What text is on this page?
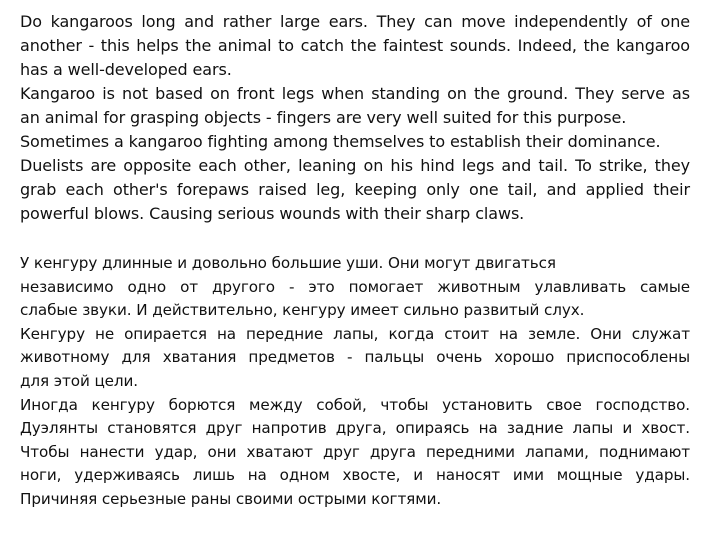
Do kangaroos long and rather large ears. They can move independently of one
another - this helps the animal to catch the faintest sounds. Indeed, the kangaroo
has a well-developed ears.
Kangaroo is not based on front legs when standing on the ground. They serve as
an animal for grasping objects - fingers are very well suited for this purpose.
Sometimes a kangaroo fighting among themselves to establish their dominance.
Duelists are opposite each other, leaning on his hind legs and tail. To strike, they
grab each other's forepaws raised leg, keeping only one tail, and applied their
powerful blows. Causing serious wounds with their sharp claws.
У кенгуру длинные и довольно большие уши. Они могут двигаться
независимо одно от другого - это помогает животным улавливать самые
слабые звуки. И действительно, кенгуру имеет сильно развитый слух.
Кенгуру не опирается на передние лапы, когда стоит на земле. Они служат
животному для хватания предметов - пальцы очень хорошо приспособлены
для этой цели.
Иногда кенгуру борются между собой, чтобы установить свое господство.
Дуэлянты становятся друг напротив друга, опираясь на задние лапы и хвост.
Чтобы нанести удар, они хватают друг друга передними лапами, поднимают
ноги, удерживаясь лишь на одном хвосте, и наносят ими мощные удары.
Причиняя серьезные раны своими острыми когтями.
